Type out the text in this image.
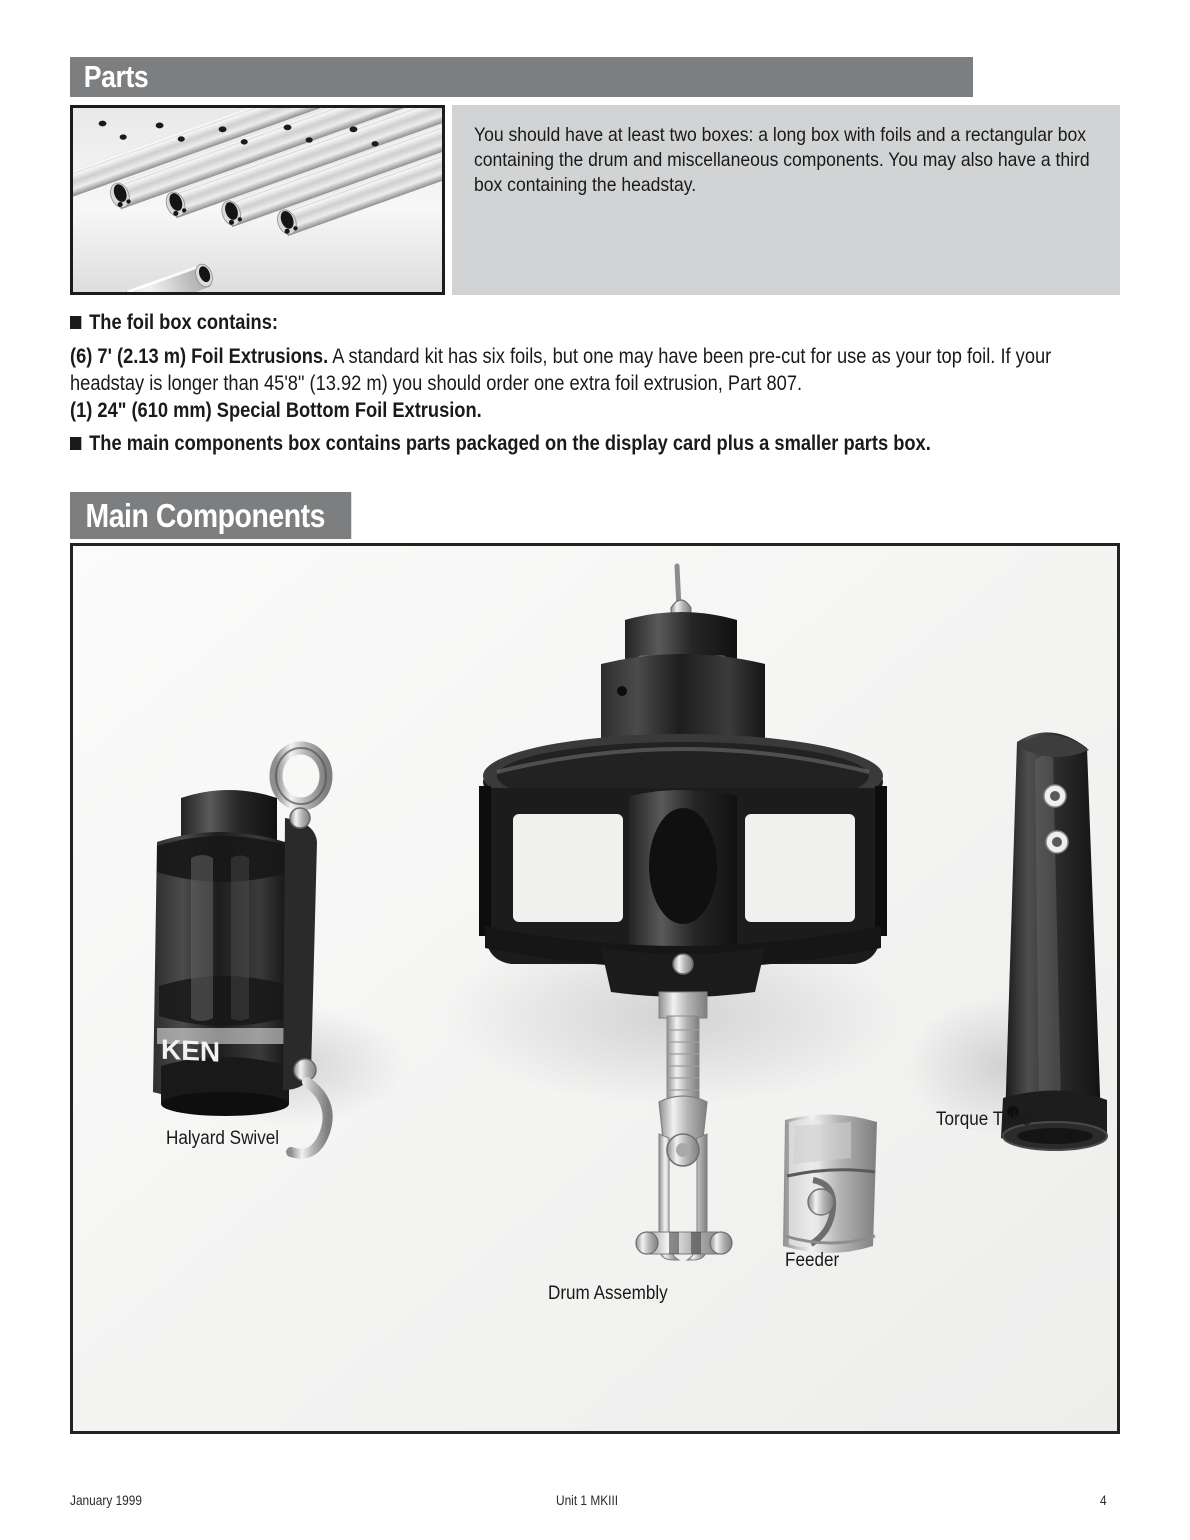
Parts

You should have at least two boxes: a long box with foils and a rectangular box containing the drum and miscellaneous components. You may also have a third box containing the headstay.

The foil box contains:
(6) 7' (2.13 m) Foil Extrusions. A standard kit has six foils, but one may have been pre-cut for use as your top foil. If your headstay is longer than 45'8" (13.92 m) you should order one extra foil extrusion, Part 807.
(1) 24" (610 mm) Special Bottom Foil Extrusion.
The main components box contains parts packaged on the display card plus a smaller parts box.
Main Components
KEN
Halyard Swivel
Drum Assembly
Feeder
Torque Tube
January 1999	Unit 1 MKIII	4
